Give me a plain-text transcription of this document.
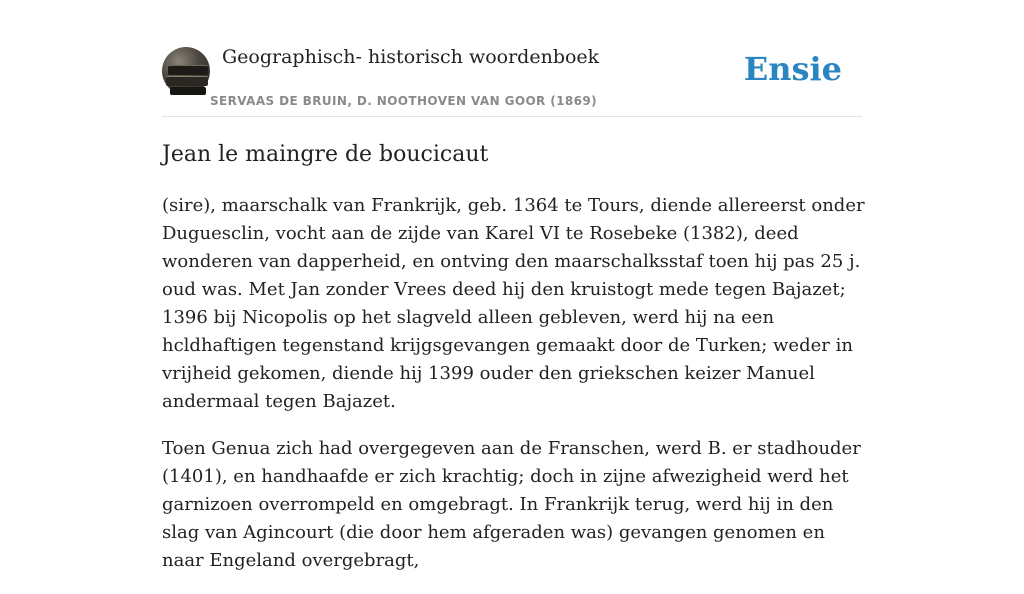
Geographisch- historisch woordenboek
SERVAAS DE BRUIN, D. NOOTHOVEN VAN GOOR (1869)
Ensie
Jean le maingre de boucicaut

(sire), maarschalk van Frankrijk, geb. 1364 te Tours, diende allereerst onder Duguesclin, vocht aan de zijde van Karel VI te Rosebeke (1382), deed wonderen van dapperheid, en ontving den maarschalksstaf toen hij pas 25 j. oud was. Met Jan zonder Vrees deed hij den kruistogt mede tegen Bajazet; 1396 bij Nicopolis op het slagveld alleen gebleven, werd hij na een hcldhaftigen tegenstand krijgsgevangen gemaakt door de Turken; weder in vrijheid gekomen, diende hij 1399 ouder den griekschen keizer Manuel andermaal tegen Bajazet.

Toen Genua zich had overgegeven aan de Franschen, werd B. er stadhouder (1401), en handhaafde er zich krachtig; doch in zijne afwezigheid werd het garnizoen overrompeld en omgebragt. In Frankrijk terug, werd hij in den slag van Agincourt (die door hem afgeraden was) gevangen genomen en naar Engeland overgebragt,
